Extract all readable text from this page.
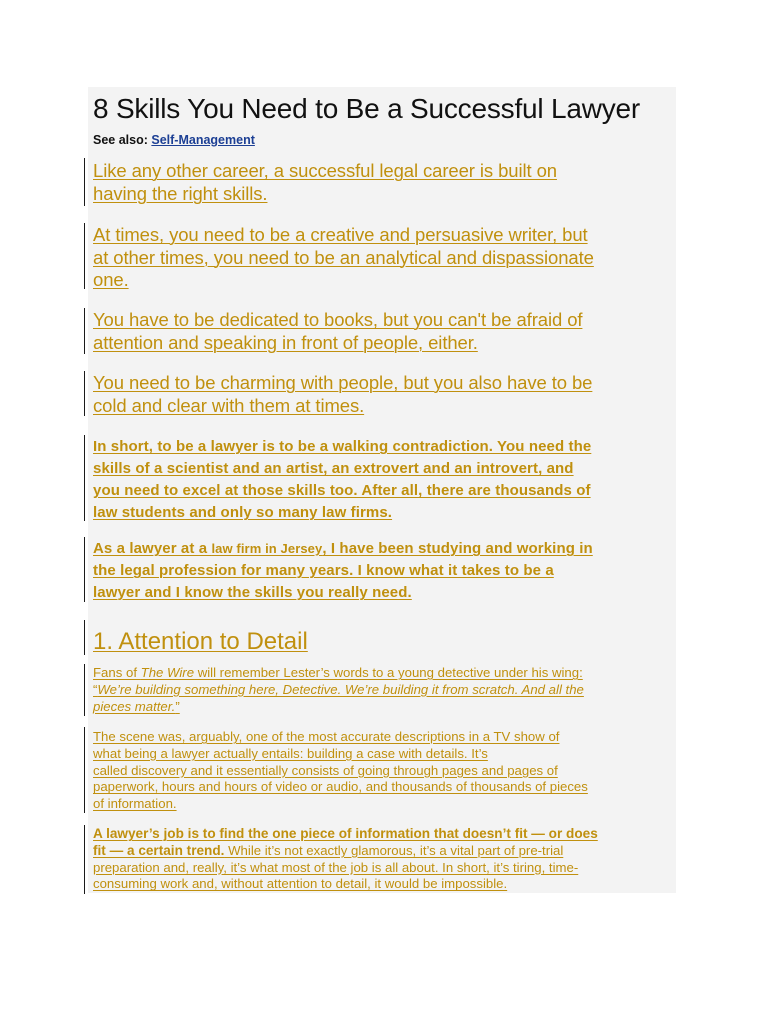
8 Skills You Need to Be a Successful Lawyer
See also: Self-Management

Like any other career, a successful legal career is built on
having the right skills.

At times, you need to be a creative and persuasive writer, but
at other times, you need to be an analytical and dispassionate
one.

You have to be dedicated to books, but you can't be afraid of
attention and speaking in front of people, either.

You need to be charming with people, but you also have to be
cold and clear with them at times.

In short, to be a lawyer is to be a walking contradiction. You need the
skills of a scientist and an artist, an extrovert and an introvert, and
you need to excel at those skills too. After all, there are thousands of
law students and only so many law firms.

As a lawyer at a law firm in Jersey, I have been studying and working in
the legal profession for many years. I know what it takes to be a
lawyer and I know the skills you really need.

1. Attention to Detail

Fans of The Wire will remember Lester’s words to a young detective under his wing:
“We’re building something here, Detective. We’re building it from scratch. And all the
pieces matter.”

The scene was, arguably, one of the most accurate descriptions in a TV show of
what being a lawyer actually entails: building a case with details. It’s
called discovery and it essentially consists of going through pages and pages of
paperwork, hours and hours of video or audio, and thousands of thousands of pieces
of information.

A lawyer’s job is to find the one piece of information that doesn’t fit — or does
fit — a certain trend. While it’s not exactly glamorous, it’s a vital part of pre-trial
preparation and, really, it’s what most of the job is all about. In short, it’s tiring, time-
consuming work and, without attention to detail, it would be impossible.
